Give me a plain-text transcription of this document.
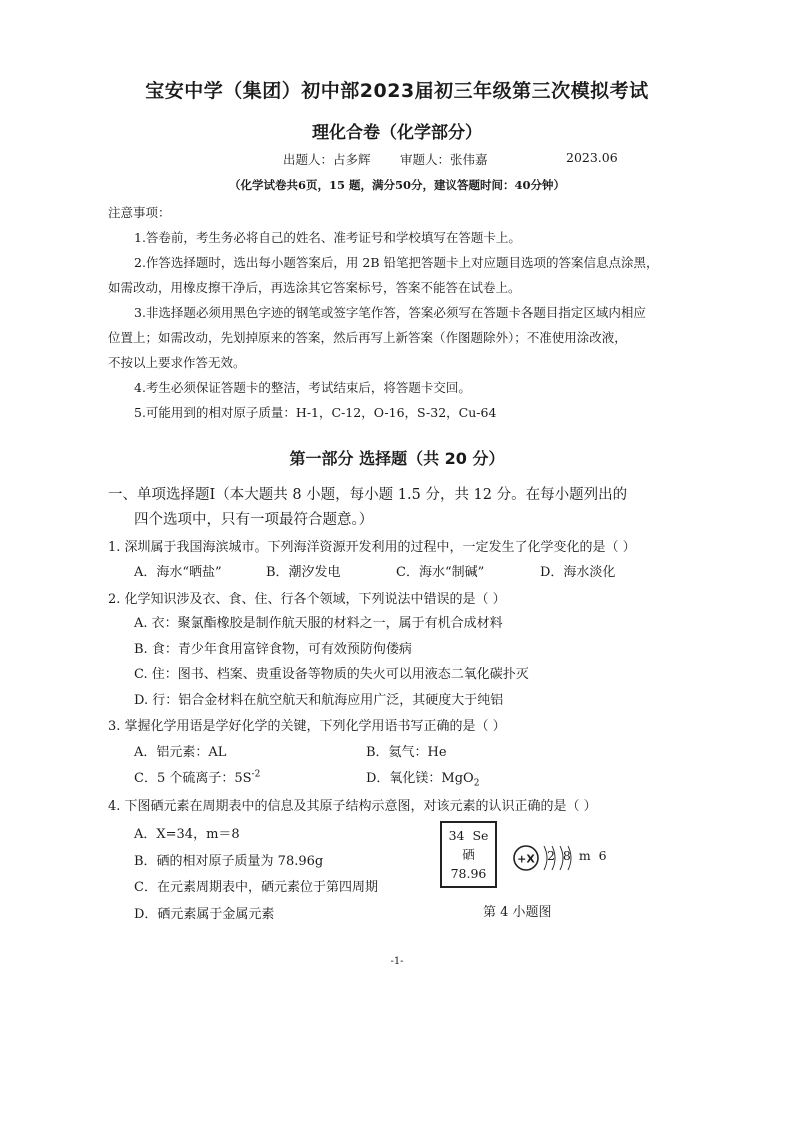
宝安中学（集团）初中部2023届初三年级第三次模拟考试
理化合卷（化学部分）
出题人：占多辉 审题人：张伟嘉	2023.06
（化学试卷共6页，15 题，满分50分，建议答题时间：40分钟）
注意事项：
1.答卷前，考生务必将自己的姓名、准考证号和学校填写在答题卡上。
2.作答选择题时，选出每小题答案后，用 2B 铅笔把答题卡上对应题目选项的答案信息点涂黑，
如需改动，用橡皮擦干净后，再选涂其它答案标号，答案不能答在试卷上。
3.非选择题必须用黑色字迹的钢笔或签字笔作答，答案必须写在答题卡各题目指定区域内相应
位置上；如需改动，先划掉原来的答案，然后再写上新答案（作图题除外）；不准使用涂改液，
不按以上要求作答无效。
4.考生必须保证答题卡的整洁，考试结束后，将答题卡交回。
5.可能用到的相对原子质量：H-1，C-12，O-16，S-32，Cu-64
第一部分 选择题（共 20 分）
一、单项选择题Ⅰ（本大题共 8 小题，每小题 1.5 分，共 12 分。在每小题列出的
四个选项中，只有一项最符合题意。）
1. 深圳属于我国海滨城市。下列海洋资源开发利用的过程中，一定发生了化学变化的是（ ）
A．海水“晒盐”	B．潮汐发电	C．海水“制碱”	D．海水淡化
2. 化学知识涉及衣、食、住、行各个领域，下列说法中错误的是（ ）
A. 衣：聚氯酯橡胶是制作航天服的材料之一，属于有机合成材料
B. 食：青少年食用富锌食物，可有效预防佝偻病
C. 住：图书、档案、贵重设备等物质的失火可以用液态二氧化碳扑灭
D. 行：铝合金材料在航空航天和航海应用广泛，其硬度大于纯铝
3. 掌握化学用语是学好化学的关键，下列化学用语书写正确的是（ ）
A．铝元素：AL	B．氦气：He
C．5 个硫离子：$5S^{-2}$	D．氧化镁：MgO$_2$
4. 下图硒元素在周期表中的信息及其原子结构示意图，对该元素的认识正确的是（ ）
A．X=34，m＝8
B．硒的相对原子质量为 78.96g
C．在元素周期表中，硒元素位于第四周期
D．硒元素属于金属元素
34 Se
硒
78.96
+X 2 8 m 6
第 4 小题图
-1-
